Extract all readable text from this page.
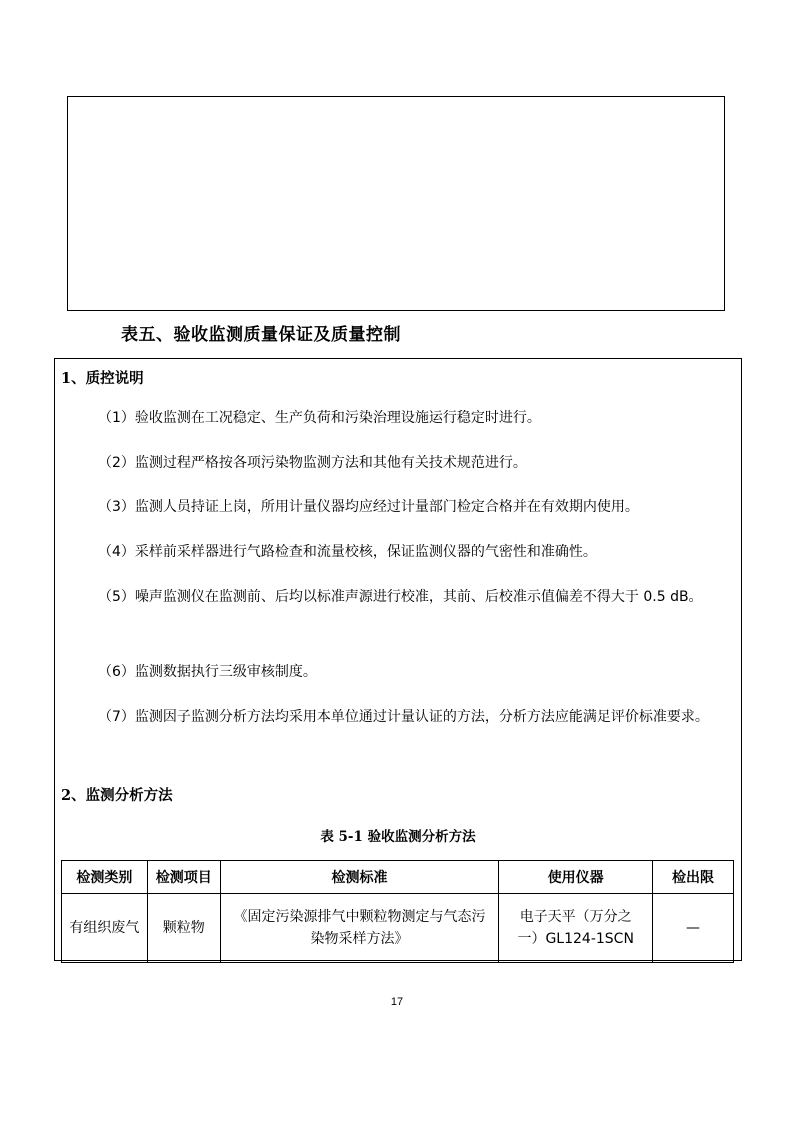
表五、验收监测质量保证及质量控制
1、质控说明
（1）验收监测在工况稳定、生产负荷和污染治理设施运行稳定时进行。
（2）监测过程严格按各项污染物监测方法和其他有关技术规范进行。
（3）监测人员持证上岗，所用计量仪器均应经过计量部门检定合格并在有效期内使用。
（4）采样前采样器进行气路检查和流量校核，保证监测仪器的气密性和准确性。
（5）噪声监测仪在监测前、后均以标准声源进行校准，其前、后校准示值偏差不得大于 0.5 dB。
（6）监测数据执行三级审核制度。
（7）监测因子监测分析方法均采用本单位通过计量认证的方法，分析方法应能满足评价标准要求。
2、监测分析方法
表 5-1 验收监测分析方法
检测类别	检测项目	检测标准	使用仪器	检出限
有组织废气	颗粒物	《固定污染源排气中颗粒物测定与气态污染物采样方法》	电子天平（万分之一）GL124-1SCN	—
17
